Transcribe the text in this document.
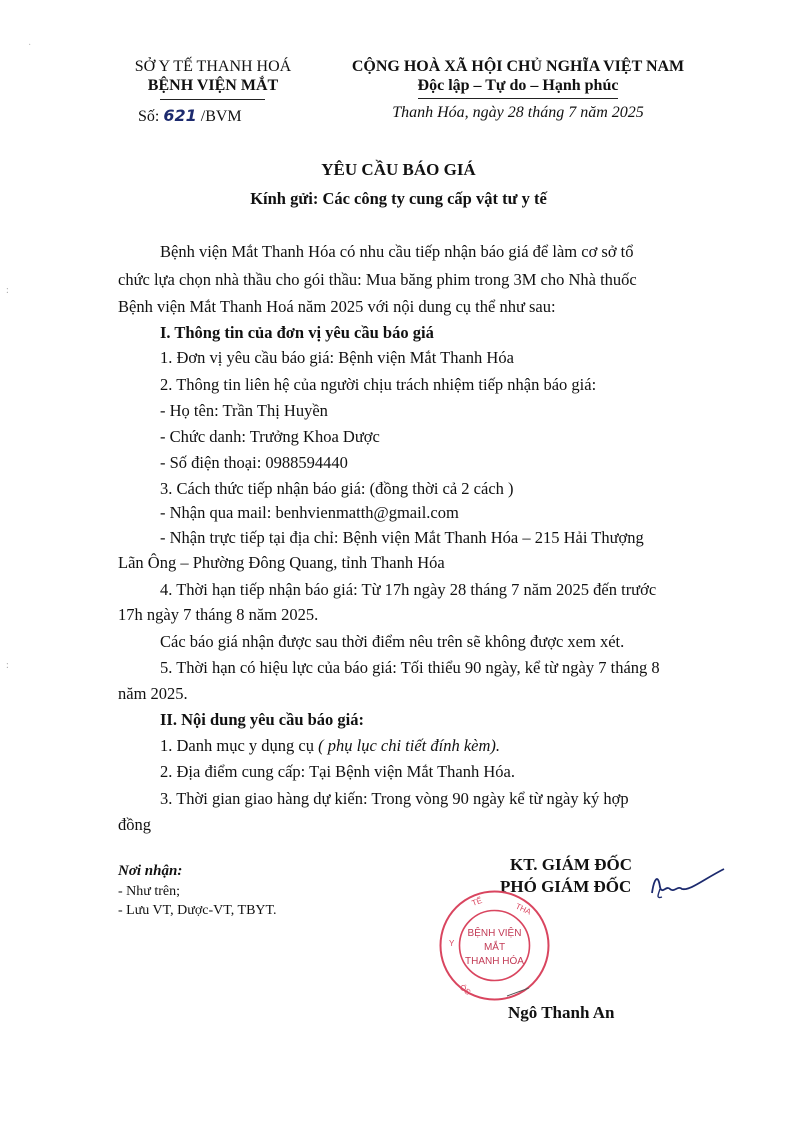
SỞ Y TẾ THANH HOÁ
BỆNH VIỆN MẮT
Số: 621 /BVM
CỘNG HOÀ XÃ HỘI CHỦ NGHĨA VIỆT NAM
Độc lập – Tự do – Hạnh phúc
Thanh Hóa, ngày 28 tháng 7 năm 2025
YÊU CẦU BÁO GIÁ
Kính gửi: Các công ty cung cấp vật tư y tế
Bệnh viện Mắt Thanh Hóa có nhu cầu tiếp nhận báo giá để làm cơ sở tổ
chức lựa chọn nhà thầu cho gói thầu: Mua băng phim trong 3M cho Nhà thuốc
Bệnh viện Mắt Thanh Hoá năm 2025 với nội dung cụ thể như sau:
I. Thông tin của đơn vị yêu cầu báo giá
1. Đơn vị yêu cầu báo giá: Bệnh viện Mắt Thanh Hóa
2. Thông tin liên hệ của người chịu trách nhiệm tiếp nhận báo giá:
- Họ tên: Trần Thị Huyền
- Chức danh: Trưởng Khoa Dược
- Số điện thoại: 0988594440
3. Cách thức tiếp nhận báo giá: (đồng thời cả 2 cách )
- Nhận qua mail: benhvienmatth@gmail.com
- Nhận trực tiếp tại địa chỉ: Bệnh viện Mắt Thanh Hóa – 215 Hải Thượng
Lãn Ông – Phường Đông Quang, tỉnh Thanh Hóa
4. Thời hạn tiếp nhận báo giá: Từ 17h ngày 28 tháng 7 năm 2025 đến trước
17h ngày 7 tháng 8 năm 2025.
Các báo giá nhận được sau thời điểm nêu trên sẽ không được xem xét.
5. Thời hạn có hiệu lực của báo giá: Tối thiểu 90 ngày, kể từ ngày 7 tháng 8
năm 2025.
II. Nội dung yêu cầu báo giá:
1. Danh mục y dụng cụ ( phụ lục chi tiết đính kèm).
2. Địa điểm cung cấp: Tại Bệnh viện Mắt Thanh Hóa.
3. Thời gian giao hàng dự kiến: Trong vòng 90 ngày kể từ ngày ký hợp
đồng
Nơi nhận:
- Như trên;
- Lưu VT, Dược-VT, TBYT.
KT. GIÁM ĐỐC
PHÓ GIÁM ĐỐC
BỆNH VIỆN
MẮT
THANH HÓA
TẾ	THA
Y
ÓS
Ngô Thanh An
:
:
·
